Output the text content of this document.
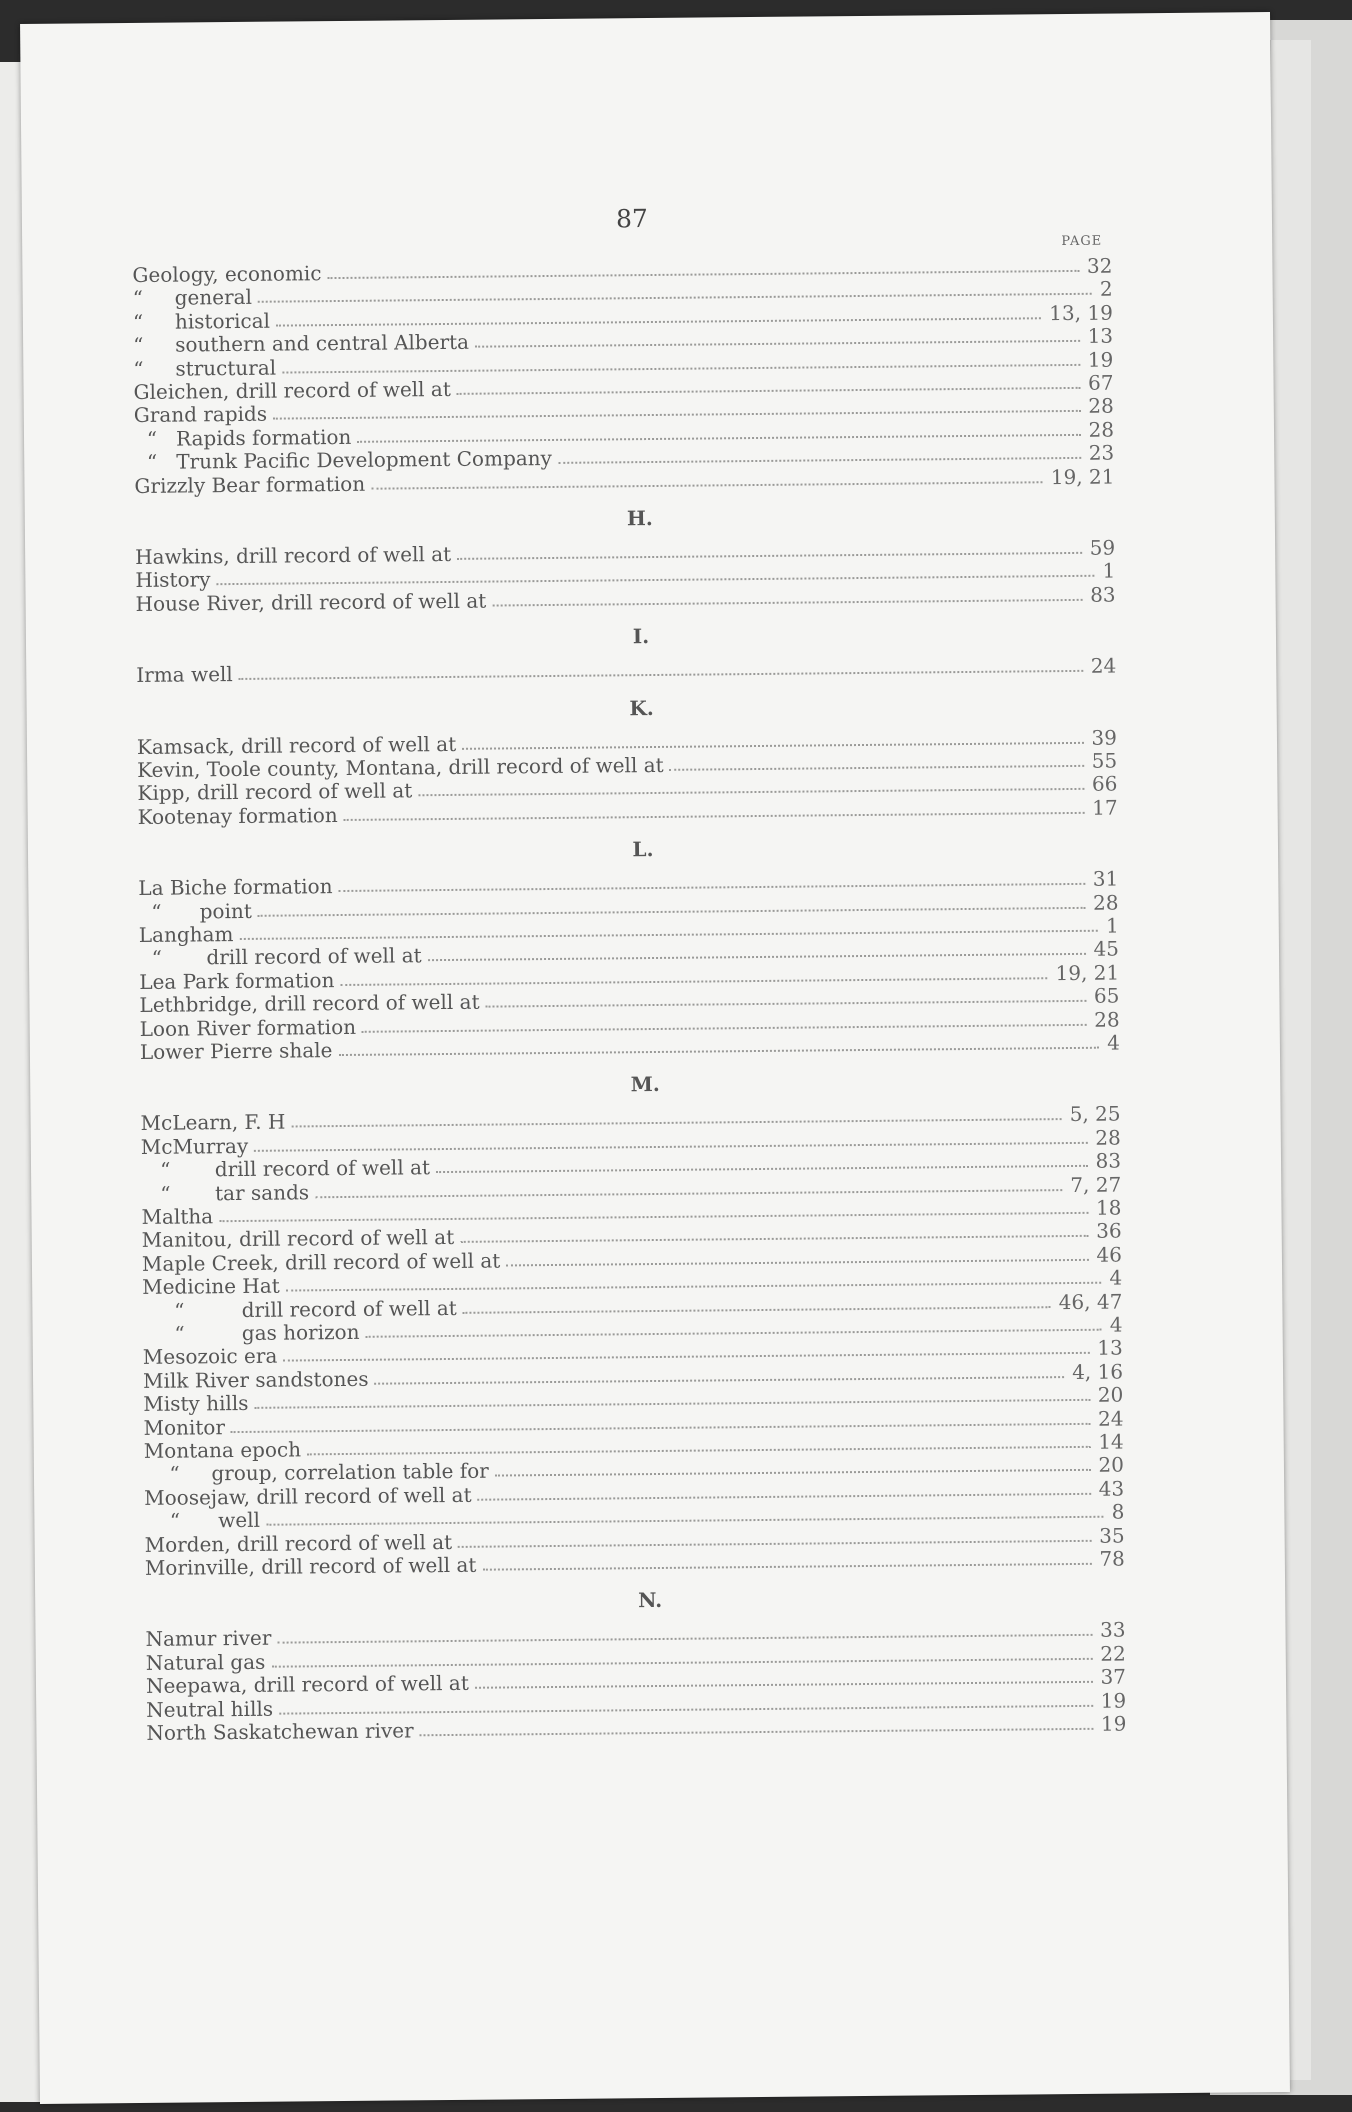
87
PAGE
Geology, economic	32
“     general	2
“     historical	13, 19
“     southern and central Alberta	13
“     structural	19
Gleichen, drill record of well at	67
Grand rapids	28
“   Rapids formation	28
“   Trunk Pacific Development Company	23
Grizzly Bear formation	19, 21
H.
Hawkins, drill record of well at	59
History	1
House River, drill record of well at	83
I.
Irma well	24
K.
Kamsack, drill record of well at	39
Kevin, Toole county, Montana, drill record of well at	55
Kipp, drill record of well at	66
Kootenay formation	17
L.
La Biche formation	31
“      point	28
Langham	1
“       drill record of well at	45
Lea Park formation	19, 21
Lethbridge, drill record of well at	65
Loon River formation	28
Lower Pierre shale	4
M.
McLearn, F. H	5, 25
McMurray	28
“       drill record of well at	83
“       tar sands	7, 27
Maltha	18
Manitou, drill record of well at	36
Maple Creek, drill record of well at	46
Medicine Hat	4
“         drill record of well at	46, 47
“         gas horizon	4
Mesozoic era	13
Milk River sandstones	4, 16
Misty hills	20
Monitor	24
Montana epoch	14
“     group, correlation table for	20
Moosejaw, drill record of well at	43
“      well	8
Morden, drill record of well at	35
Morinville, drill record of well at	78
N.
Namur river	33
Natural gas	22
Neepawa, drill record of well at	37
Neutral hills	19
North Saskatchewan river	19
